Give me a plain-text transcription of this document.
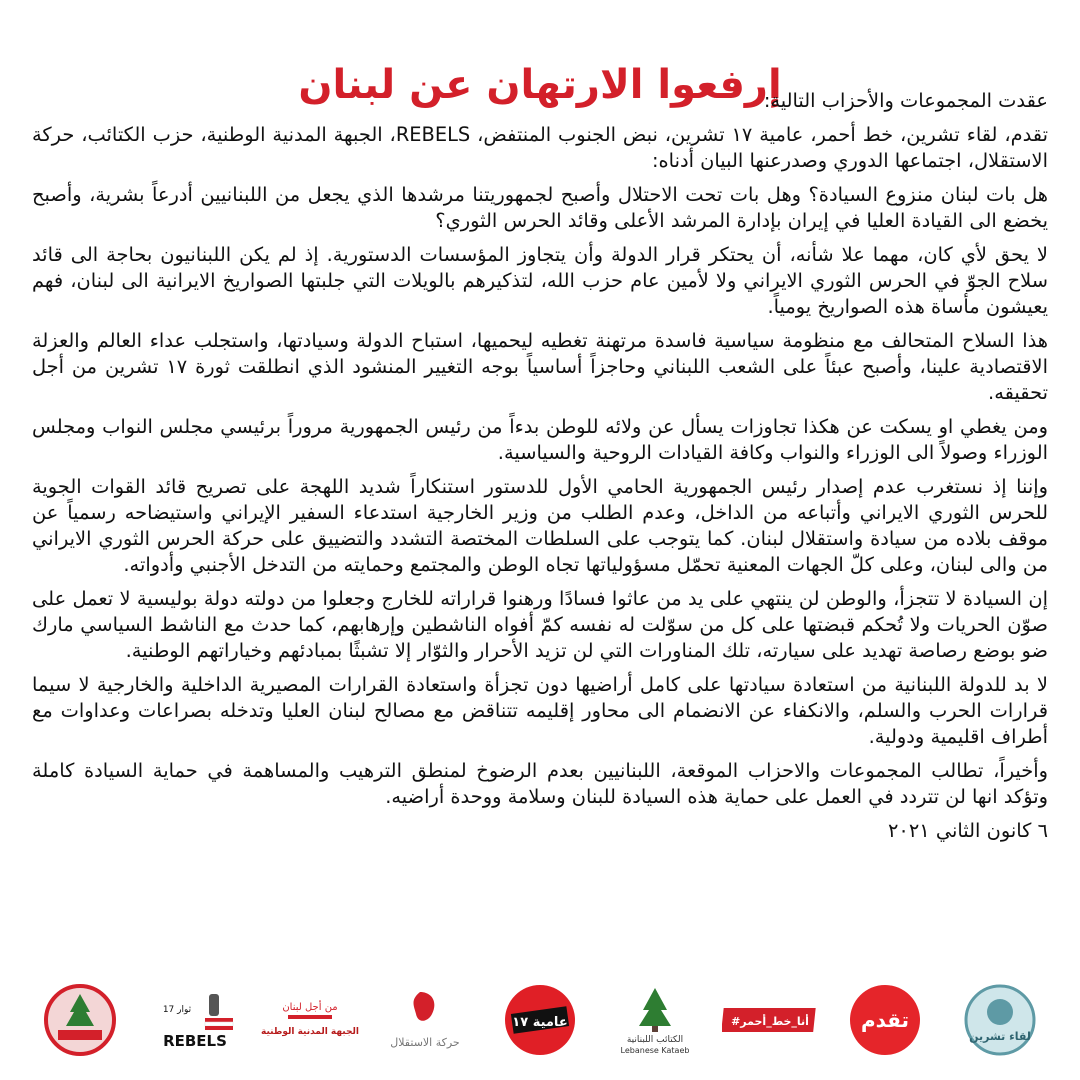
إرفعوا الارتهان عن لبنان

عقدت المجموعات والأحزاب التالية:

تقدم، لقاء تشرين، خط أحمر، عامية ١٧ تشرين، نبض الجنوب المنتفض، REBELS، الجبهة المدنية الوطنية، حزب الكتائب، حركة الاستقلال، اجتماعها الدوري وصدرعنها البيان أدناه:

هل بات لبنان منزوع السيادة؟ وهل بات تحت الاحتلال وأصبح لجمهوريتنا مرشدها الذي يجعل من اللبنانيين أدرعاً بشرية، وأصبح يخضع الى القيادة العليا في إيران بإدارة المرشد الأعلى وقائد الحرس الثوري؟

لا يحق لأي كان، مهما علا شأنه، أن يحتكر قرار الدولة وأن يتجاوز المؤسسات الدستورية. إذ لم يكن اللبنانيون بحاجة الى قائد سلاح الجوّ في الحرس الثوري الايراني ولا لأمين عام حزب الله، لتذكيرهم بالويلات التي جلبتها الصواريخ الايرانية الى لبنان، فهم يعيشون مأساة هذه الصواريخ يومياً.

هذا السلاح المتحالف مع منظومة سياسية فاسدة مرتهنة تغطيه ليحميها، استباح الدولة وسيادتها، واستجلب عداء العالم والعزلة الاقتصادية علينا، وأصبح عبئاً على الشعب اللبناني وحاجزاً أساسياً بوجه التغيير المنشود الذي انطلقت ثورة ١٧ تشرين من أجل تحقيقه.

ومن يغطي او يسكت عن هكذا تجاوزات يسأل عن ولائه للوطن بدءاً من رئيس الجمهورية مروراً برئيسي مجلس النواب ومجلس الوزراء وصولاً الى الوزراء والنواب وكافة القيادات الروحية والسياسية.

وإننا إذ نستغرب عدم إصدار رئيس الجمهورية الحامي الأول للدستور استنكاراً شديد اللهجة على تصريح قائد القوات الجوية للحرس الثوري الايراني وأتباعه من الداخل، وعدم الطلب من وزير الخارجية استدعاء السفير الإيراني واستيضاحه رسمياً عن موقف بلاده من سيادة واستقلال لبنان. كما يتوجب على السلطات المختصة التشدد والتضييق على حركة الحرس الثوري الايراني من والى لبنان، وعلى كلّ الجهات المعنية تحمّل مسؤولياتها تجاه الوطن والمجتمع وحمايته من التدخل الأجنبي وأدواته.

إن السيادة لا تتجزأ، والوطن لن ينتهي على يد من عاثوا فسادًا ورهنوا قراراته للخارج وجعلوا من دولته دولة بوليسية لا تعمل على صوّن الحريات ولا تُحكم قبضتها على كل من سوّلت له نفسه كمّ أفواه الناشطين وإرهابهم، كما حدث مع الناشط السياسي مارك ضو بوضع رصاصة تهديد على سيارته، تلك المناورات التي لن تزيد الأحرار والثوّار إلا تشبثًا بمبادئهم وخياراتهم الوطنية.

لا بد للدولة اللبنانية من استعادة سيادتها على كامل أراضيها دون تجزأة واستعادة القرارات المصيرية الداخلية والخارجية لا سيما قرارات الحرب والسلم، والانكفاء عن الانضمام الى محاور إقليمه تتناقض مع مصالح لبنان العليا وتدخله بصراعات وعداوات مع أطراف اقليمية ودولية.

وأخيراً، تطالب المجموعات والاحزاب الموقعة، اللبنانيين بعدم الرضوخ لمنطق الترهيب والمساهمة في حماية السيادة كاملة وتؤكد انها لن تتردد في العمل على حماية هذه السيادة للبنان وسلامة ووحدة أراضيه.

٦ كانون الثاني ٢٠٢١

لقاء تشرين
تقدم
#أنا_خط_أحمر
الكتائب اللبنانية
Lebanese Kataeb
عامية ١٧
حركة الاستقلال
من أجل لبنان
الجبهة المدنية الوطنية
ثوار 17
REBELS
